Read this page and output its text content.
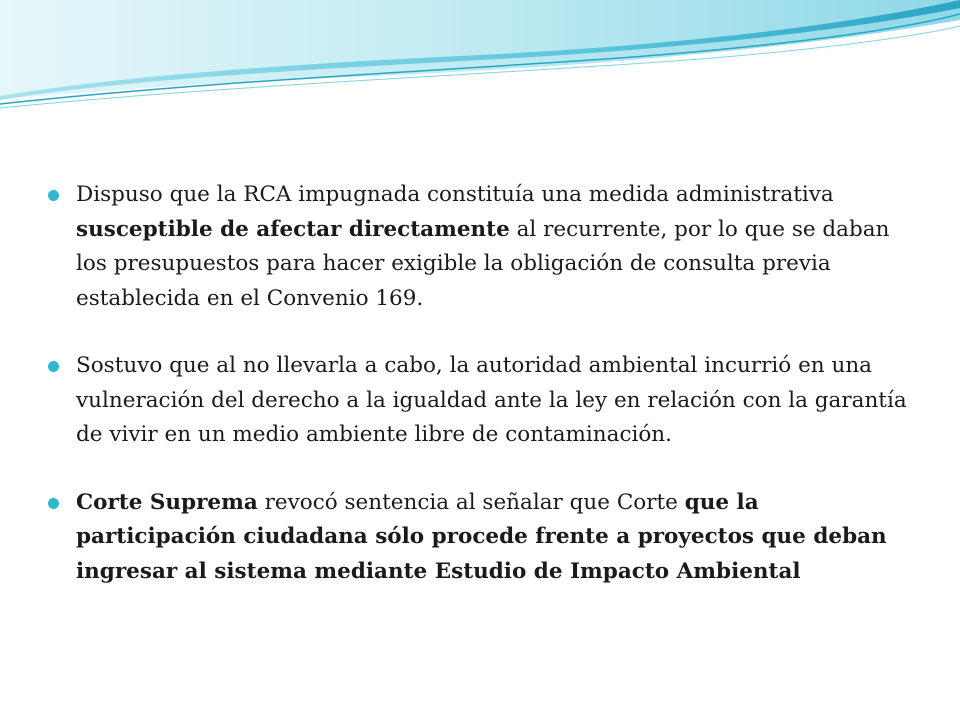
Dispuso que la RCA impugnada constituía una medida administrativa susceptible de afectar directamente al recurrente, por lo que se daban los presupuestos para hacer exigible la obligación de consulta previa establecida en el Convenio 169.
Sostuvo que al no llevarla a cabo, la autoridad ambiental incurrió en una vulneración del derecho a la igualdad ante la ley en relación con la garantía de vivir en un medio ambiente libre de contaminación.
Corte Suprema revocó sentencia al señalar que Corte que la participación ciudadana sólo procede frente a proyectos que deban ingresar al sistema mediante Estudio de Impacto Ambiental
